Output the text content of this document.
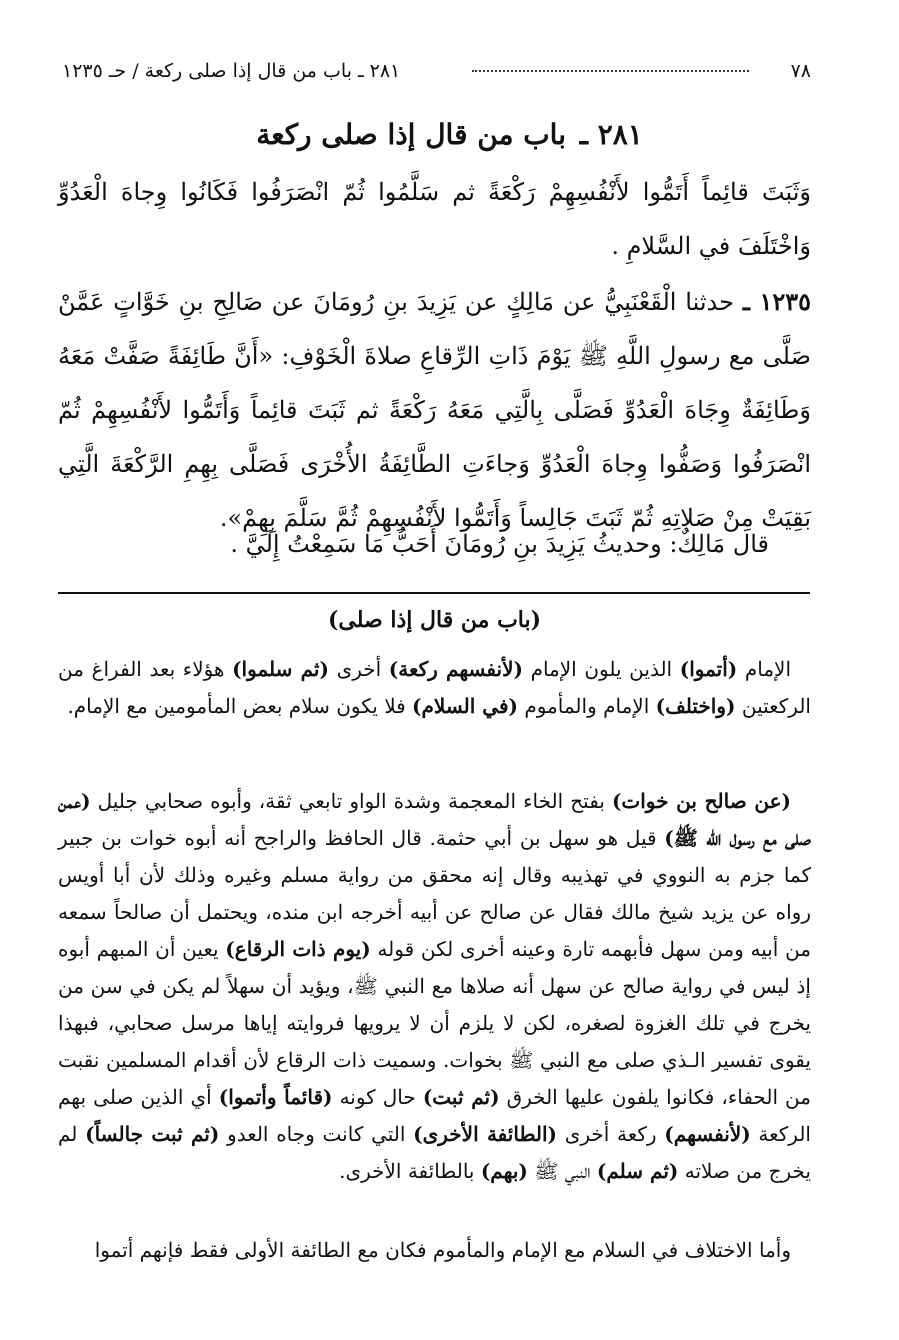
٧٨
٢٨١ ـ باب من قال إذا صلى ركعة / حـ ١٢٣٥
٢٨١ ـ باب من قال إذا صلى ركعة

وَثَبَتَ قائِماً أَتَمُّوا لأَنْفُسِهِمْ رَكْعَةً ثم سَلَّمُوا ثُمّ انْصَرَفُوا فَكَانُوا وِجاهَ الْعَدُوِّ وَاخْتَلَفَ في السَّلامِ .

١٢٣٥ ـ حدثنا الْقَعْنَبِيُّ عن مَالِكٍ عن يَزِيدَ بنِ رُومَانَ عن صَالِحِ بنِ خَوَّاتٍ عَمَّنْ صَلَّى مع رسولِ اللَّهِ ﷺ يَوْمَ ذَاتِ الرِّقاعِ صلاةَ الْخَوْفِ: «أَنَّ طَائِفَةً صَفَّتْ مَعَهُ وَطَائِفَةٌ وِجَاهَ الْعَدُوِّ فَصَلَّى بِالَّتِي مَعَهُ رَكْعَةً ثم ثَبَتَ قائِماً وَأَتَمُّوا لأَنْفُسِهِمْ ثُمّ انْصَرَفُوا وَصَفُّوا وِجاهَ الْعَدُوِّ وَجاءَتِ الطَّائِفَةُ الأُخْرَى فَصَلَّى بِهِمِ الرَّكْعَةَ الَّتِي بَقِيَتْ مِنْ صَلاتِهِ ثُمّ ثَبَتَ جَالِساً وَأَتَمُّوا لأَنْفُسِهِمْ ثُمَّ سَلَّمَ بِهِمْ».

قال مَالِكٌ: وحديثُ يَزِيدَ بنِ رُومَانَ أَحَبُّ مَا سَمِعْتُ إِلَيَّ .

(باب من قال إذا صلى)

الإمام (أتموا) الذين يلون الإمام (لأنفسهم ركعة) أخرى (ثم سلموا) هؤلاء بعد الفراغ من الركعتين (واختلف) الإمام والمأموم (في السلام) فلا يكون سلام بعض المأمومين مع الإمام.

(عن صالح بن خوات) بفتح الخاء المعجمة وشدة الواو تابعي ثقة، وأبوه صحابي جليل (عمن صلى مع رسول الله ﷺ) قيل هو سهل بن أبي حثمة. قال الحافظ والراجح أنه أبوه خوات بن جبير كما جزم به النووي في تهذيبه وقال إنه محقق من رواية مسلم وغيره وذلك لأن أبا أويس رواه عن يزيد شيخ مالك فقال عن صالح عن أبيه أخرجه ابن منده، ويحتمل أن صالحاً سمعه من أبيه ومن سهل فأبهمه تارة وعينه أخرى لكن قوله (يوم ذات الرقاع) يعين أن المبهم أبوه إذ ليس في رواية صالح عن سهل أنه صلاها مع النبي ﷺ، ويؤيد أن سهلاً لم يكن في سن من يخرج في تلك الغزوة لصغره، لكن لا يلزم أن لا يرويها فروايته إياها مرسل صحابي، فبهذا يقوى تفسير الـذي صلى مع النبي ﷺ بخوات. وسميت ذات الرقاع لأن أقدام المسلمين نقبت من الحفاء، فكانوا يلفون عليها الخرق (ثم ثبت) حال كونه (قائماً وأتموا) أي الذين صلى بهم الركعة (لأنفسهم) ركعة أخرى (الطائفة الأخرى) التي كانت وجاه العدو (ثم ثبت جالساً) لم يخرج من صلاته (ثم سلم) النبي ﷺ (بهم) بالطائفة الأخرى.

وأما الاختلاف في السلام مع الإمام والمأموم فكان مع الطائفة الأولى فقط فإنهم أتموا
